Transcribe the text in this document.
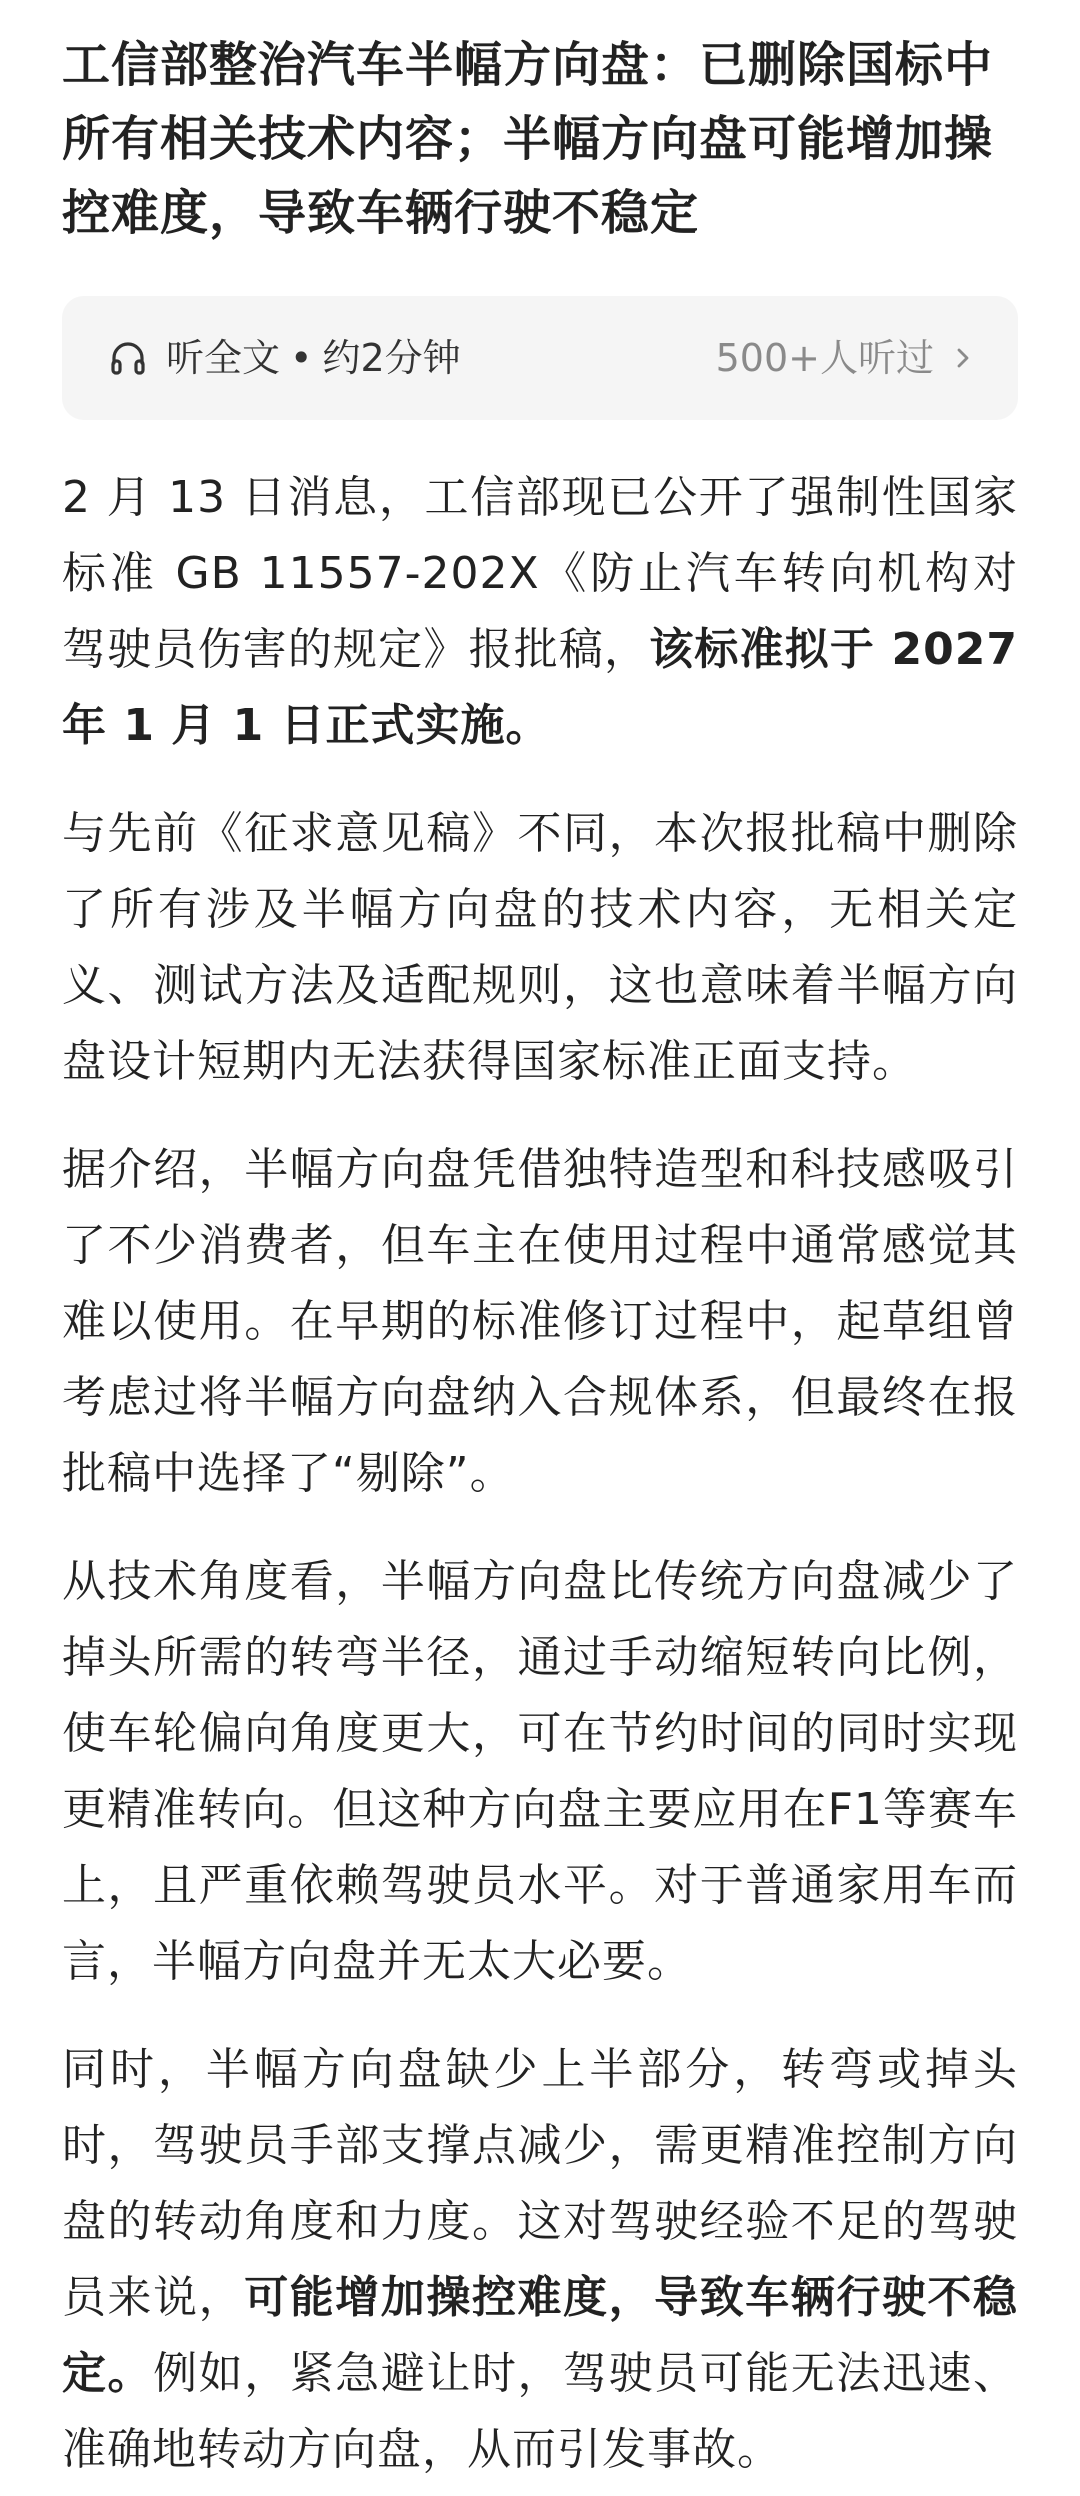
工信部整治汽车半幅方向盘：已删除国标中所有相关技术内容；半幅方向盘可能增加操控难度，导致车辆行驶不稳定
听全文 • 约2分钟	500+人听过

2 月 13 日消息，工信部现已公开了强制性国家标准 GB 11557-202X《防止汽车转向机构对驾驶员伤害的规定》报批稿，该标准拟于 2027 年 1 月 1 日正式实施。

与先前《征求意见稿》不同，本次报批稿中删除了所有涉及半幅方向盘的技术内容，无相关定义、测试方法及适配规则，这也意味着半幅方向盘设计短期内无法获得国家标准正面支持。

据介绍，半幅方向盘凭借独特造型和科技感吸引了不少消费者，但车主在使用过程中通常感觉其难以使用。在早期的标准修订过程中，起草组曾考虑过将半幅方向盘纳入合规体系，但最终在报批稿中选择了“剔除”。

从技术角度看，半幅方向盘比传统方向盘减少了掉头所需的转弯半径，通过手动缩短转向比例，使车轮偏向角度更大，可在节约时间的同时实现更精准转向。但这种方向盘主要应用在F1等赛车上，且严重依赖驾驶员水平。对于普通家用车而言，半幅方向盘并无太大必要。

同时，半幅方向盘缺少上半部分，转弯或掉头时，驾驶员手部支撑点减少，需更精准控制方向盘的转动角度和力度。这对驾驶经验不足的驾驶员来说，可能增加操控难度，导致车辆行驶不稳定。例如，紧急避让时，驾驶员可能无法迅速、准确地转动方向盘，从而引发事故。
